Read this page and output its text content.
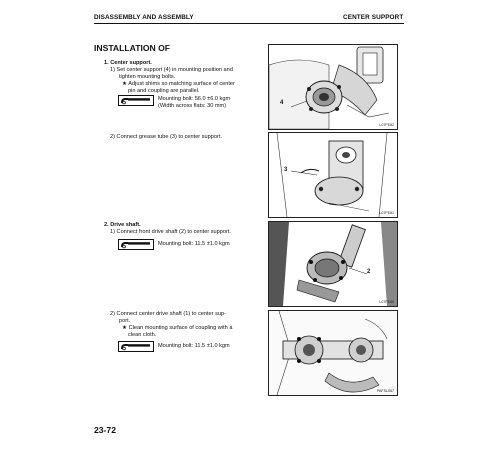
DISASSEMBLY AND ASSEMBLY	CENTER SUPPORT
INSTALLATION OF
1. Center support.
1) Set center support (4) in mounting position and
tighten mounting bolts.
★ Adjust shims so matching surface of center
pin and coupling are parallel.
Mounting bolt: 56.0 ±6.0 kgm
(Width across flats: 30 mm)
2) Connect grease tube (3) to center support.
2. Drive shaft.
1) Connect front drive shaft (2) to center support.
Mounting bolt: 11.5 ±1.0 kgm
2) Connect center drive shaft (1) to center sup-
port.
★ Clean mounting surface of coupling with a
clean cloth.
Mounting bolt: 11.5 ±1.0 kgm
4
L07FE82
3
L07FE81
2
L07FE80
PAFSL067
23-72
